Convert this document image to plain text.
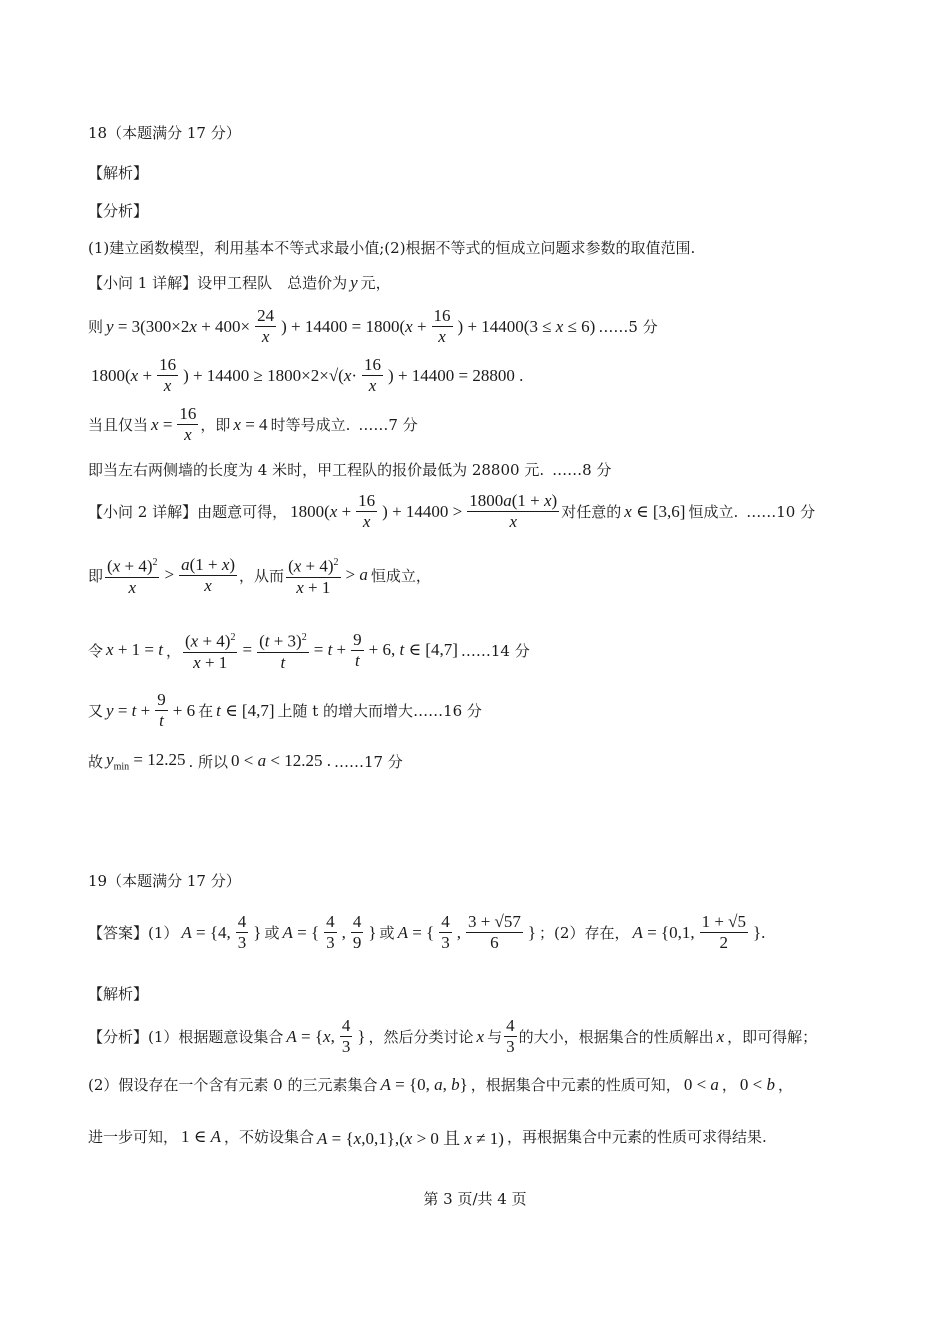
18（本题满分 17 分）
【解析】
【分析】
(1)建立函数模型，利用基本不等式求最小值;(2)根据不等式的恒成立问题求参数的取值范围.
【小问 1 详解】设甲工程队　总造价为 y 元，
则 $y = 3(300\times 2x + 400\times \frac{24}{x}$ ) + $14400 = 1800(x + \frac{16}{x}$ ) + 14400(3 ≤ x ≤ 6) ……5 分
$1800(x + \frac{16}{x}$ ) + $14400 \ge 1800\times 2\times√(x\cdot \frac{16}{x}$ ) + 14400 = 28800 .
当且仅当 $x = \frac{16}{x}$ ，即 x = 4 时等号成立. ……7 分
即当左右两侧墙的长度为 4 米时，甲工程队的报价最低为 28800 元. ……8 分
【小问 2 详解】由题意可得， $1800(x + \frac{16}{x}$ ) + $14400 > \frac{1800a(1 + x)}{x}$ 对任意的 x ∈ [3,6] 恒成立. ……10 分
即 $\frac{(x + 4)^2}{x} > \frac{a(1 + x)}{x}$ ，从而 $\frac{(x + 4)^2}{x + 1} > a$ 恒成立，
令 x + 1 = t ， $\frac{(x + 4)^2}{x + 1} = \frac{(t + 3)^2}{t} = t + \frac{9}{t} + 6$, t ∈ [4,7] ……14 分
又 $y = t + \frac{9}{t} + 6$ 在 t ∈ [4,7] 上随 t 的增大而增大 ……16 分
故 $y_{min} = 12.25$ . 所以 0 < a < 12.25 . ……17 分
19（本题满分 17 分）
【答案】(1） A = {4, $\frac{4}{3}$ } 或 A = { $\frac{4}{3}$ , $\frac{4}{9}$ } 或 A = { $\frac{4}{3}$ , $\frac{3 + √57}{6}$ } ；(2）存在， A = {0,1, $\frac{1 + √5}{2}$ }.
【解析】
【分析】(1）根据题意设集合 A = {x, $\frac{4}{3}$ } ，然后分类讨论 x 与 $\frac{4}{3}$ 的大小，根据集合的性质解出 x ，即可得解；
(2）假设存在一个含有元素 0 的三元素集合 A = {0, a, b} ，根据集合中元素的性质可知， 0 < a ， 0 < b ，
进一步可知， 1 ∈ A ，不妨设集合 A = {x,0,1},(x > 0 且 x ≠ 1) ，再根据集合中元素的性质可求得结果.
第 3 页/共 4 页
